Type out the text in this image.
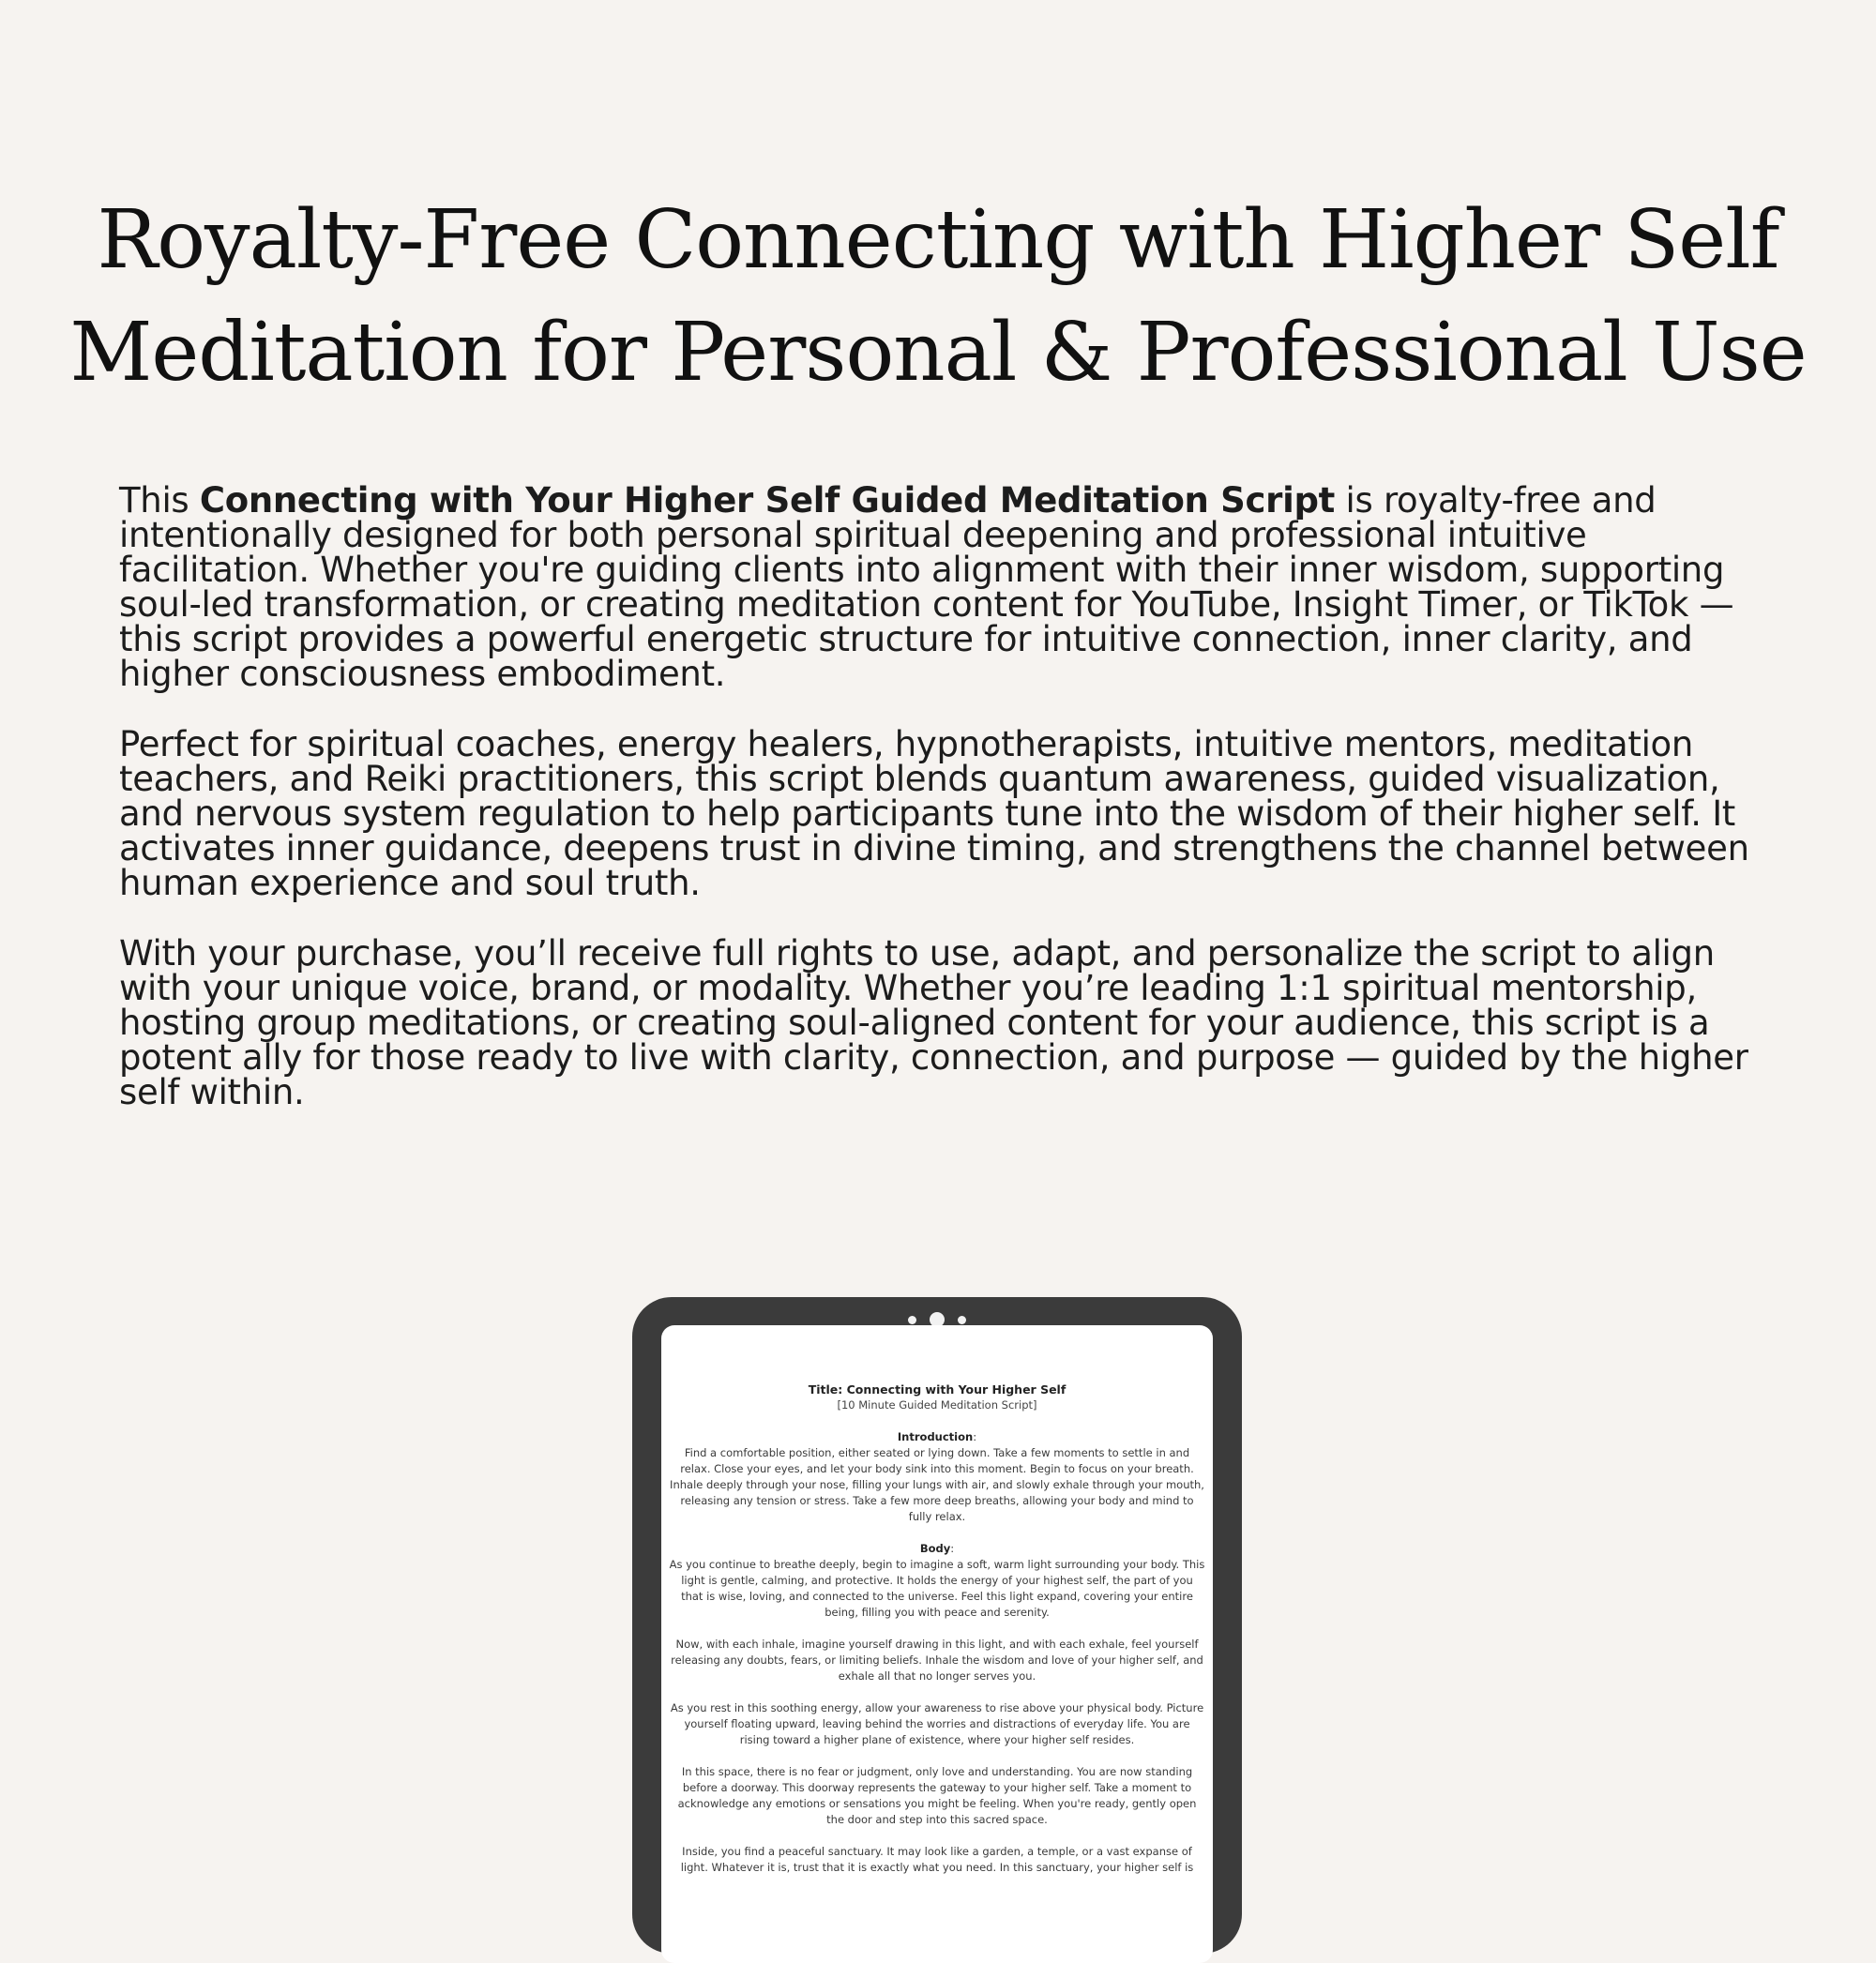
Royalty-Free Connecting with Higher Self
Meditation for Personal & Professional Use

This Connecting with Your Higher Self Guided Meditation Script is royalty-free and intentionally designed for both personal spiritual deepening and professional intuitive facilitation. Whether you're guiding clients into alignment with their inner wisdom, supporting soul-led transformation, or creating meditation content for YouTube, Insight Timer, or TikTok — this script provides a powerful energetic structure for intuitive connection, inner clarity, and higher consciousness embodiment.

Perfect for spiritual coaches, energy healers, hypnotherapists, intuitive mentors, meditation teachers, and Reiki practitioners, this script blends quantum awareness, guided visualization, and nervous system regulation to help participants tune into the wisdom of their higher self. It activates inner guidance, deepens trust in divine timing, and strengthens the channel between human experience and soul truth.

With your purchase, you’ll receive full rights to use, adapt, and personalize the script to align with your unique voice, brand, or modality. Whether you’re leading 1:1 spiritual mentorship, hosting group meditations, or creating soul-aligned content for your audience, this script is a potent ally for those ready to live with clarity, connection, and purpose — guided by the higher self within.

Title: Connecting with Your Higher Self
[10 Minute Guided Meditation Script]
Introduction:

Find a comfortable position, either seated or lying down. Take a few moments to settle in and relax. Close your eyes, and let your body sink into this moment. Begin to focus on your breath. Inhale deeply through your nose, filling your lungs with air, and slowly exhale through your mouth, releasing any tension or stress. Take a few more deep breaths, allowing your body and mind to fully relax.

Body:

As you continue to breathe deeply, begin to imagine a soft, warm light surrounding your body. This light is gentle, calming, and protective. It holds the energy of your highest self, the part of you that is wise, loving, and connected to the universe. Feel this light expand, covering your entire being, filling you with peace and serenity.

Now, with each inhale, imagine yourself drawing in this light, and with each exhale, feel yourself releasing any doubts, fears, or limiting beliefs. Inhale the wisdom and love of your higher self, and exhale all that no longer serves you.

As you rest in this soothing energy, allow your awareness to rise above your physical body. Picture yourself floating upward, leaving behind the worries and distractions of everyday life. You are rising toward a higher plane of existence, where your higher self resides.

In this space, there is no fear or judgment, only love and understanding. You are now standing before a doorway. This doorway represents the gateway to your higher self. Take a moment to acknowledge any emotions or sensations you might be feeling. When you're ready, gently open the door and step into this sacred space.

Inside, you find a peaceful sanctuary. It may look like a garden, a temple, or a vast expanse of light. Whatever it is, trust that it is exactly what you need. In this sanctuary, your higher self is
